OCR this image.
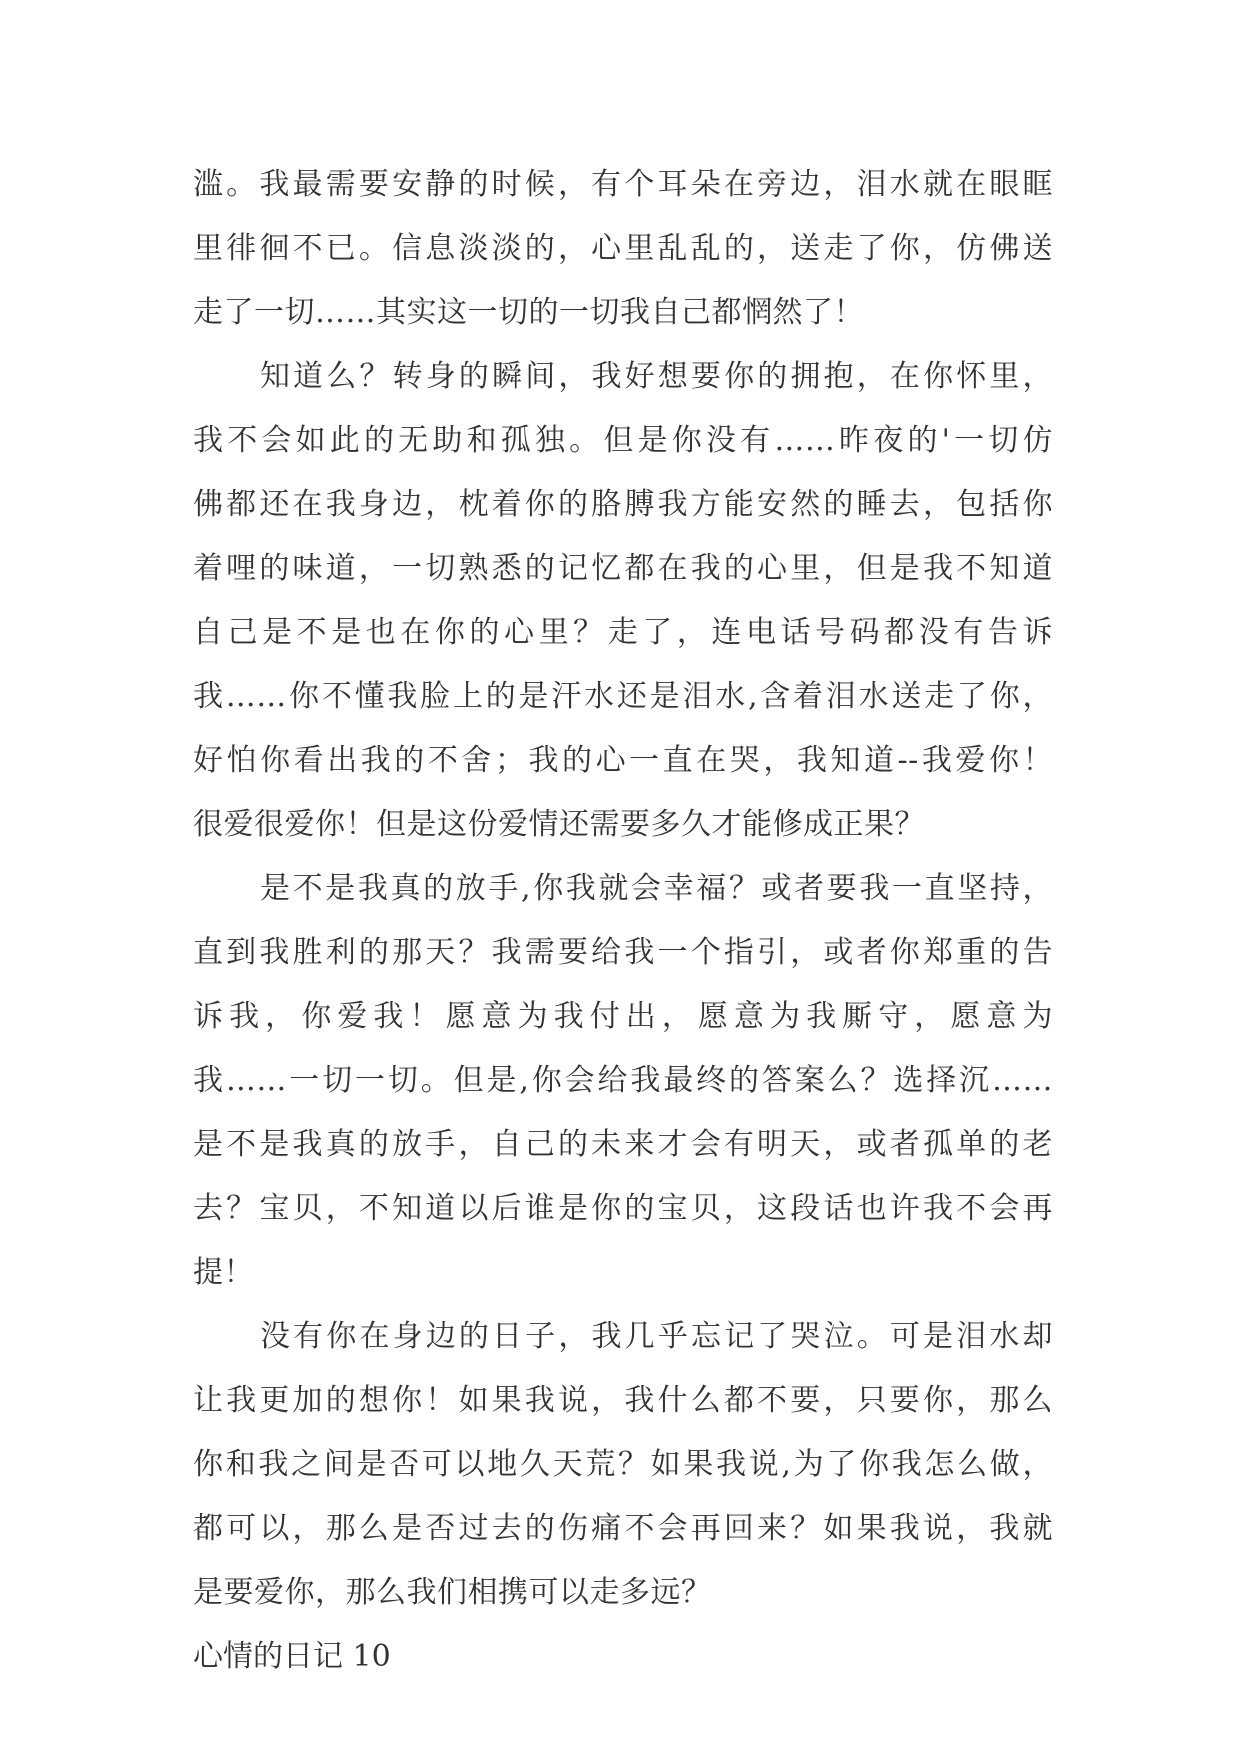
滥。我最需要安静的时候，有个耳朵在旁边，泪水就在眼眶
里徘徊不已。信息淡淡的，心里乱乱的，送走了你，仿佛送
走了一切……其实这一切的一切我自己都惘然了！
知道么？转身的瞬间，我好想要你的拥抱，在你怀里，
我不会如此的无助和孤独。但是你没有……昨夜的'一切仿
佛都还在我身边，枕着你的胳膊我方能安然的睡去，包括你
着哩的味道，一切熟悉的记忆都在我的心里，但是我不知道
自己是不是也在你的心里？走了，连电话号码都没有告诉
我……你不懂我脸上的是汗水还是泪水,含着泪水送走了你，
好怕你看出我的不舍；我的心一直在哭，我知道--我爱你！
很爱很爱你！但是这份爱情还需要多久才能修成正果？
是不是我真的放手,你我就会幸福？或者要我一直坚持，
直到我胜利的那天？我需要给我一个指引，或者你郑重的告
诉我，你爱我！愿意为我付出，愿意为我厮守，愿意为
我……一切一切。但是,你会给我最终的答案么？选择沉……
是不是我真的放手，自己的未来才会有明天，或者孤单的老
去？宝贝，不知道以后谁是你的宝贝，这段话也许我不会再
提！
没有你在身边的日子，我几乎忘记了哭泣。可是泪水却
让我更加的想你！如果我说，我什么都不要，只要你，那么
你和我之间是否可以地久天荒？如果我说,为了你我怎么做，
都可以，那么是否过去的伤痛不会再回来？如果我说，我就
是要爱你，那么我们相携可以走多远？
心情的日记 10
